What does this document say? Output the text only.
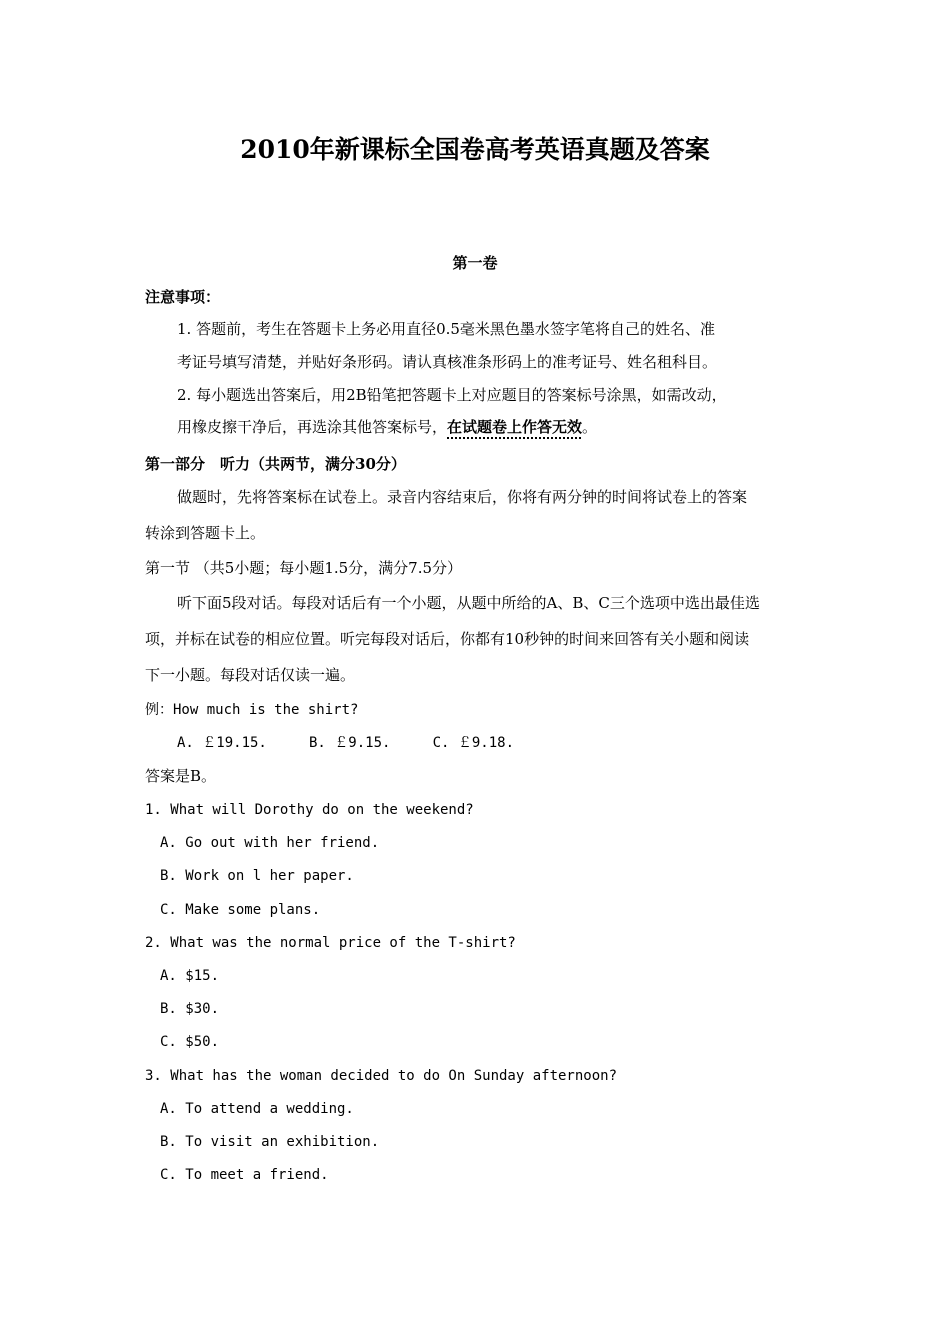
2010年新课标全国卷高考英语真题及答案
第一卷
注意事项：
1. 答题前，考生在答题卡上务必用直径0.5毫米黑色墨水签字笔将自己的姓名、准
考证号填写清楚，并贴好条形码。请认真核准条形码上的准考证号、姓名租科目。
2. 每小题选出答案后，用2B铅笔把答题卡上对应题目的答案标号涂黑，如需改动，
用橡皮擦干净后，再选涂其他答案标号，在试题卷上作答无效。
第一部分　听力（共两节，满分30分）
做题时，先将答案标在试卷上。录音内容结束后，你将有两分钟的时间将试卷上的答案
转涂到答题卡上。
第一节 （共5小题；每小题1.5分，满分7.5分）
听下面5段对话。每段对话后有一个小题，从题中所给的A、B、C三个选项中选出最佳选
项，并标在试卷的相应位置。听完每段对话后，你都有10秒钟的时间来回答有关小题和阅读
下一小题。每段对话仅读一遍。
例：How much is the shirt?
A. ￡19.15.     B. ￡9.15.     C. ￡9.18.
答案是B。
1. What will Dorothy do on the weekend?
A. Go out with her friend.
B. Work on l her paper.
C. Make some plans.
2. What was the normal price of the T-shirt?
A. $15.
B. $30.
C. $50.
3. What has the woman decided to do On Sunday afternoon?
A. To attend a wedding.
B. To visit an exhibition.
C. To meet a friend.
